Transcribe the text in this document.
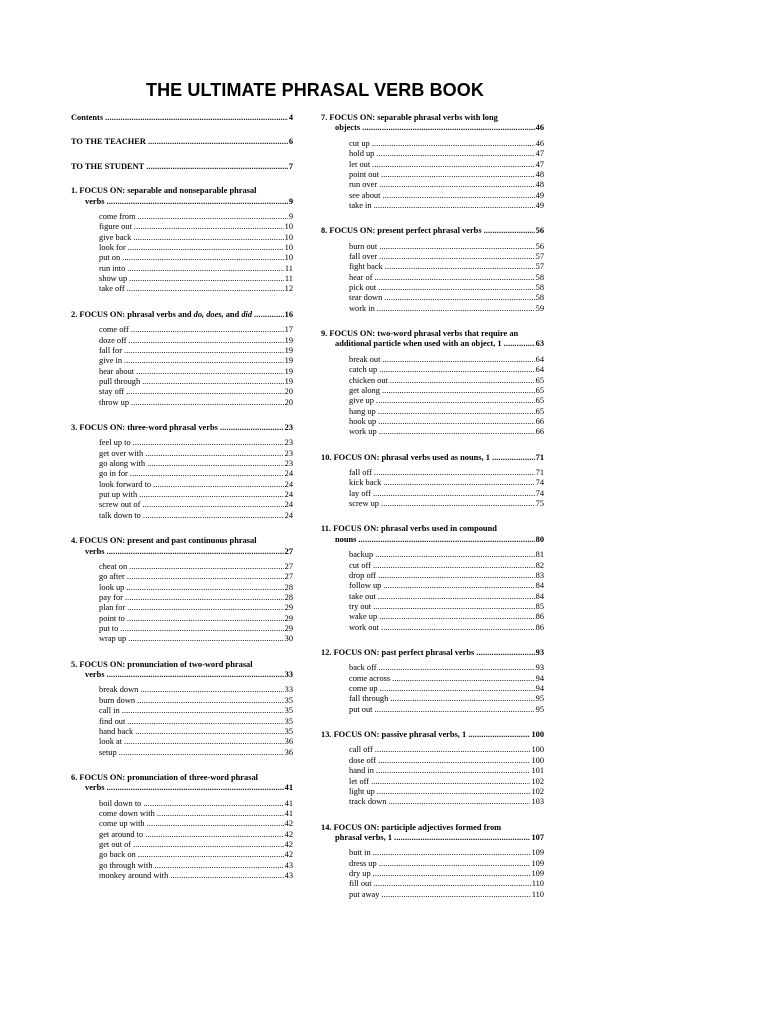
THE ULTIMATE PHRASAL VERB BOOK
Contents .....	4
TO THE TEACHER .....	6
TO THE STUDENT .....	7
1. FOCUS ON: separable and nonseparable phrasal
verbs .....	9
come from .....	9
figure out .....	10
give back .....	10
look for .....	10
put on .....	10
run into .....	11
show up .....	11
take off .....	12
2. FOCUS ON: phrasal verbs and do, does, and did .....	16
come off .....	17
doze off .....	19
fall for .....	19
give in .....	19
hear about .....	19
pull through .....	19
stay off .....	20
throw up .....	20
3. FOCUS ON: three-word phrasal verbs .....	23
feel up to .....	23
get over with .....	23
go along with .....	23
go in for .....	24
look forward to .....	24
put up with .....	24
screw out of .....	24
talk down to .....	24
4. FOCUS ON: present and past continuous phrasal
verbs .....	27
cheat on .....	27
go after .....	27
look up .....	28
pay for .....	28
plan for .....	29
point to .....	29
put to .....	29
wrap up .....	30
5. FOCUS ON: pronunciation of two-word phrasal
verbs .....	33
break down .....	33
burn down .....	35
call in .....	35
find out .....	35
hand back .....	35
look at .....	36
setup .....	36
6. FOCUS ON: pronunciation of three-word phrasal
verbs .....	41
boil down to .....	41
come down with .....	41
come up with .....	42
get around to .....	42
get out of .....	42
go back on .....	42
go through with .....	43
monkey around with .....	43
7. FOCUS ON: separable phrasal verbs with long
objects .....	46
cut up .....	46
hold up .....	47
let out .....	47
point out .....	48
run over .....	48
see about .....	49
take in .....	49
8. FOCUS ON: present perfect phrasal verbs .....	56
burn out .....	56
fall over .....	57
fight back .....	57
hear of .....	58
pick out .....	58
tear down .....	58
work in .....	59
9. FOCUS ON: two-word phrasal verbs that require an
additional particle when used with an object, 1 .....	63
break out .....	64
catch up .....	64
chicken out .....	65
get along .....	65
give up .....	65
hang up .....	65
hook up .....	66
work up .....	66
10. FOCUS ON: phrasal verbs used as nouns, 1 .....	71
fall off .....	71
kick back .....	74
lay off .....	74
screw up .....	75
11. FOCUS ON: phrasal verbs used in compound
nouns .....	80
backup .....	81
cut off .....	82
drop off .....	83
follow up .....	84
take out .....	84
try out .....	85
wake up .....	86
work out .....	86
12. FOCUS ON: past perfect phrasal verbs .....	93
back off .....	93
come across .....	94
come up .....	94
fall through .....	95
put out .....	95
13. FOCUS ON: passive phrasal verbs, 1 .....	100
call off .....	100
dose off .....	100
hand in .....	101
let off .....	102
light up .....	102
track down .....	103
14. FOCUS ON: participle adjectives formed from
phrasal verbs, 1 .....	107
butt in .....	109
dress up .....	109
dry up .....	109
fill out .....	110
put away .....	110
